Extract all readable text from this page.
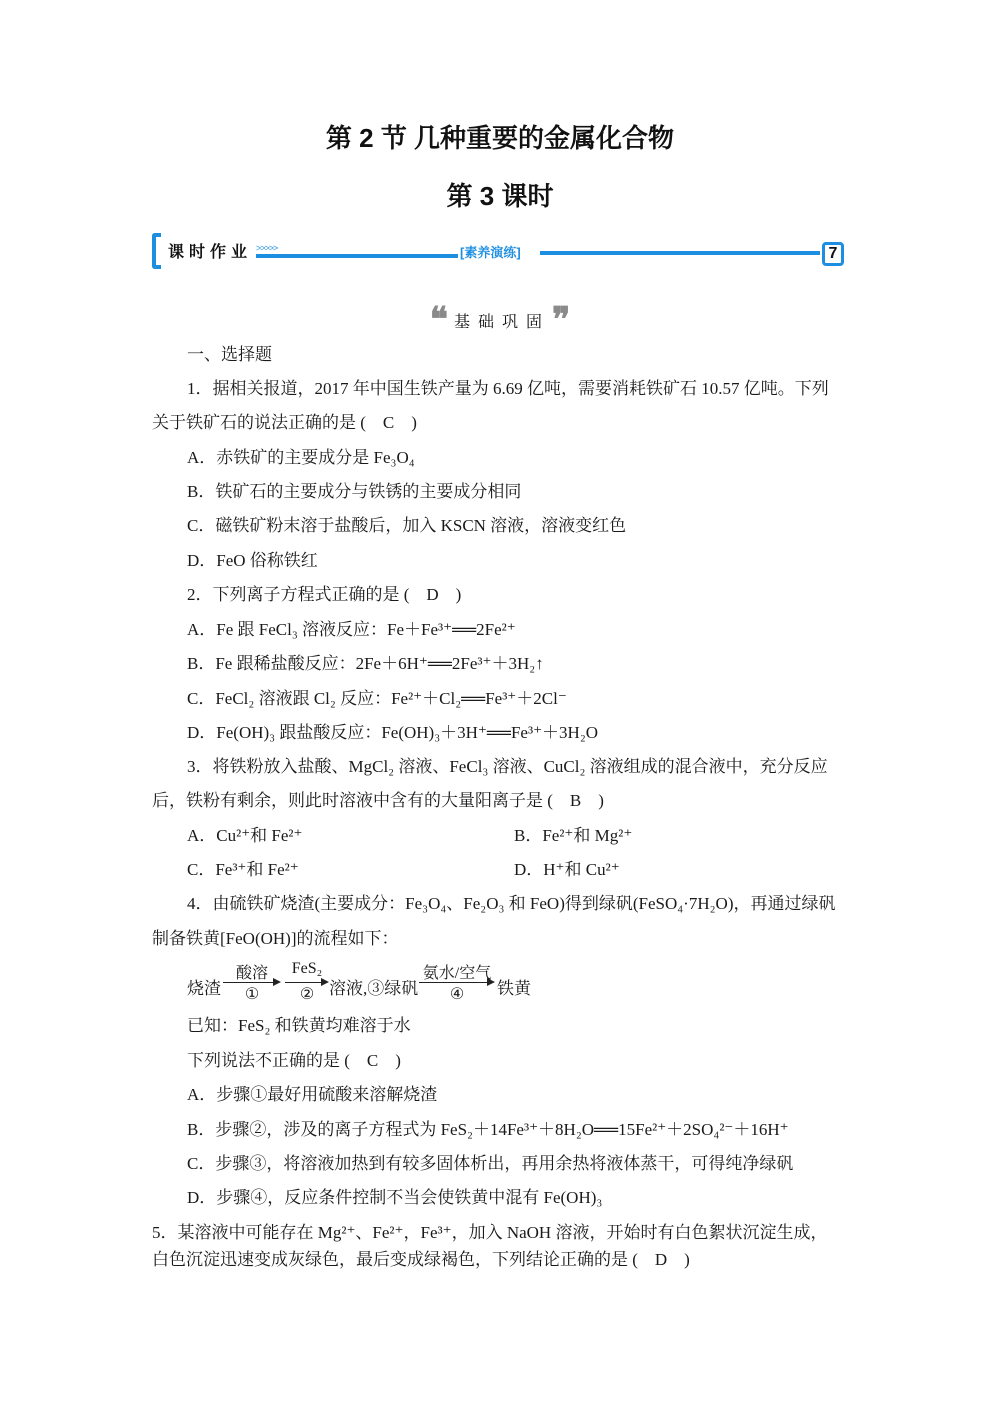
第 2 节 几种重要的金属化合物
第 3 课时
课时作业 >>>>>	[素养演练]	7
❝ 基础巩固❞
一、选择题
1．据相关报道，2017 年中国生铁产量为 6.69 亿吨，需要消耗铁矿石 10.57 亿吨。下列
关于铁矿石的说法正确的是 (　C　)
A．赤铁矿的主要成分是 Fe₃O₄
B．铁矿石的主要成分与铁锈的主要成分相同
C．磁铁矿粉末溶于盐酸后，加入 KSCN 溶液，溶液变红色
D．FeO 俗称铁红
2．下列离子方程式正确的是 (　D　)
A．Fe 跟 FeCl₃ 溶液反应：Fe＋Fe³⁺══2Fe²⁺
B．Fe 跟稀盐酸反应：2Fe＋6H⁺══2Fe³⁺＋3H₂↑
C．FeCl₂ 溶液跟 Cl₂ 反应：Fe²⁺＋Cl₂══Fe³⁺＋2Cl⁻
D．Fe(OH)₃ 跟盐酸反应：Fe(OH)₃＋3H⁺══Fe³⁺＋3H₂O
3．将铁粉放入盐酸、MgCl₂ 溶液、FeCl₃ 溶液、CuCl₂ 溶液组成的混合液中，充分反应
后，铁粉有剩余，则此时溶液中含有的大量阳离子是 (　B　)
A．Cu²⁺和 Fe²⁺	B．Fe²⁺和 Mg²⁺
C．Fe³⁺和 Fe²⁺	D．H⁺和 Cu²⁺
4．由硫铁矿烧渣(主要成分：Fe₃O₄、Fe₂O₃ 和 FeO)得到绿矾(FeSO₄·7H₂O)，再通过绿矾
制备铁黄[FeO(OH)]的流程如下：
烧渣
酸溶
①
FeS₂
② 溶液,③绿矾
氨水/空气
④	铁黄
已知：FeS₂ 和铁黄均难溶于水
下列说法不正确的是 (　C　)
A．步骤①最好用硫酸来溶解烧渣
B．步骤②，涉及的离子方程式为 FeS₂＋14Fe³⁺＋8H₂O══15Fe²⁺＋2SO₄²⁻＋16H⁺
C．步骤③，将溶液加热到有较多固体析出，再用余热将液体蒸干，可得纯净绿矾
D．步骤④，反应条件控制不当会使铁黄中混有 Fe(OH)₃
5．某溶液中可能存在 Mg²⁺、Fe²⁺，Fe³⁺，加入 NaOH 溶液，开始时有白色絮状沉淀生成，
白色沉淀迅速变成灰绿色，最后变成绿褐色，下列结论正确的是 (　D　)
